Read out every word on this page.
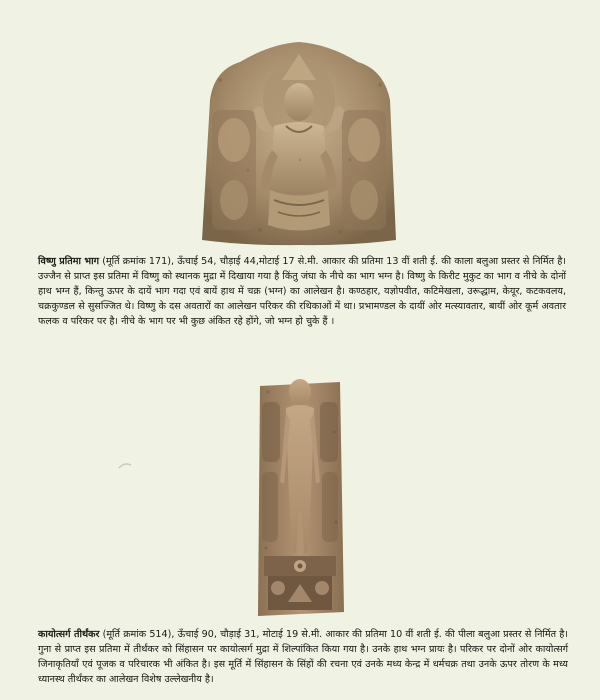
विष्णु प्रतिमा भाग (मूर्ति क्रमांक 171), ऊँचाई 54, चौड़ाई 44,मोटाई 17 से.मी. आकार की प्रतिमा 13 वीं शती ई. की काला बलुआ प्रस्तर से निर्मित है। उज्जैन से प्राप्त इस प्रतिमा में विष्णु को स्थानक मुद्रा में दिखाया गया है किंतु जंघा के नीचे का भाग भग्न है। विष्णु के किरीट मुकुट का भाग व नीचे के दोनों हाथ भग्न हैं, किन्तु ऊपर के दायें भाग गदा एवं बायें हाथ में चक्र (भग्न) का आलेखन है। कण्ठहार, यज्ञोपवीत, कटिमेखला, उरूद्धाम, केयूर, कटकवलय, चक्रकुण्डल से सुसज्जित थे। विष्णु के दस अवतारों का आलेखन परिकर की रथिकाओं में था। प्रभामण्डल के दायीं ओर मत्स्यावतार, बायीं ओर कूर्म अवतार फलक व परिकर पर है। नीचे के भाग पर भी कुछ अंकित रहे होंगे, जो भग्न हो चुके हैं ।

कायोत्सर्ग तीर्थंकर (मूर्ति क्रमांक 514), ऊँचाई 90, चौड़ाई 31, मोटाई 19 से.मी. आकार की प्रतिमा 10 वीं शती ई. की पीला बलुआ प्रस्तर से निर्मित है। गुना से प्राप्त इस प्रतिमा में तीर्थंकर को सिंहासन पर कायोत्सर्ग मुद्रा में शिल्पांकित किया गया है। उनके हाथ भग्न प्रायः है। परिकर पर दोनों ओर कायोत्सर्ग जिनाकृतियाँ एवं पूजक व परिचारक भी अंकित है। इस मूर्ति में सिंहासन के सिंहों की रचना एवं उनके मध्य केन्द्र में धर्मचक्र तथा उनके ऊपर तोरण के मध्य ध्यानस्थ तीर्थंकर का आलेखन विशेष उल्लेखनीय है।
